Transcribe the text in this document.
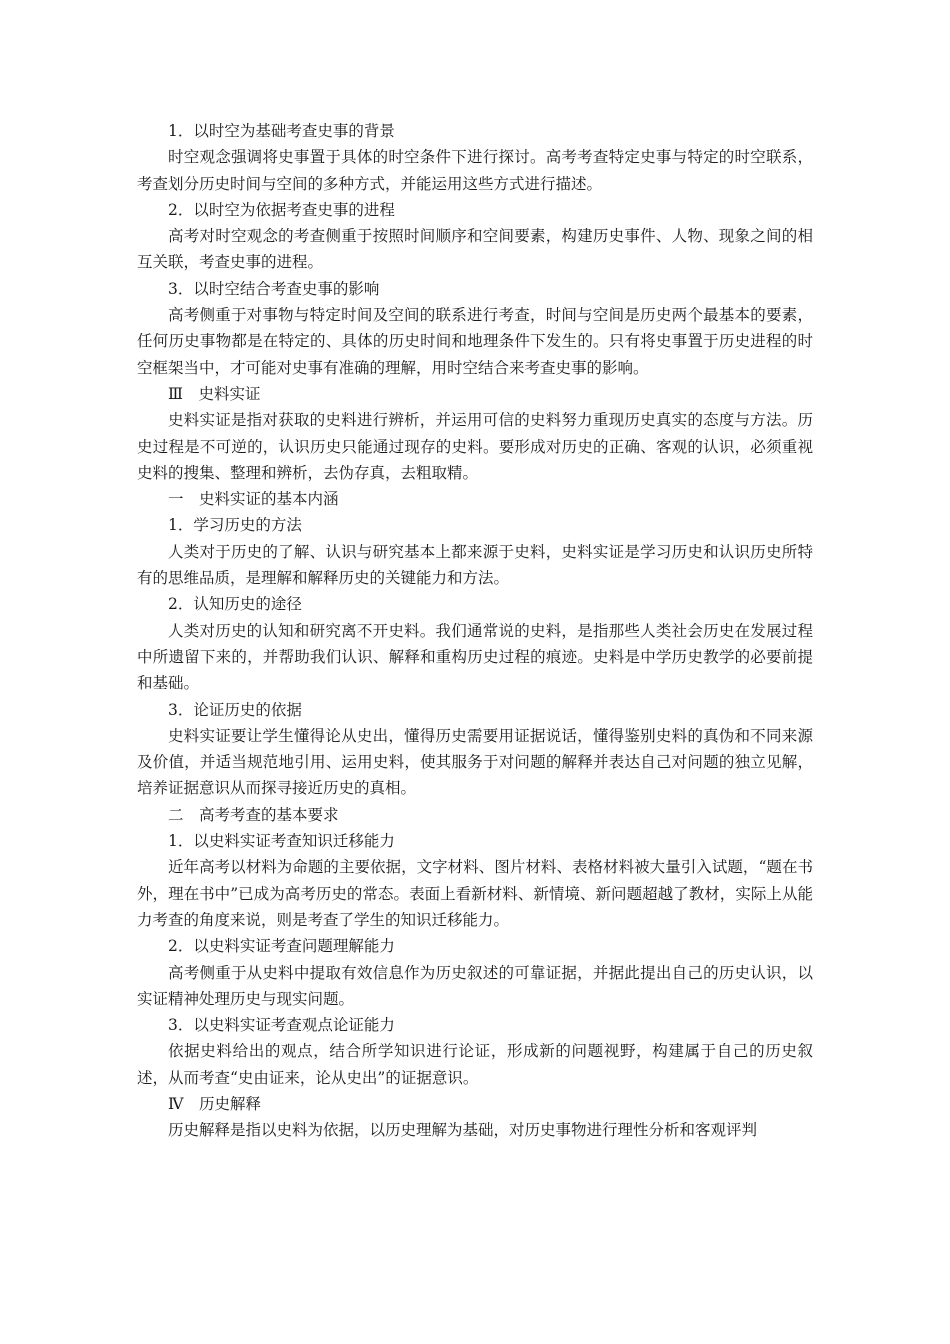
1．以时空为基础考查史事的背景

时空观念强调将史事置于具体的时空条件下进行探讨。高考考查特定史事与特定的时空联系，考查划分历史时间与空间的多种方式，并能运用这些方式进行描述。

2．以时空为依据考查史事的进程

高考对时空观念的考查侧重于按照时间顺序和空间要素，构建历史事件、人物、现象之间的相互关联，考查史事的进程。

3．以时空结合考查史事的影响

高考侧重于对事物与特定时间及空间的联系进行考查，时间与空间是历史两个最基本的要素，任何历史事物都是在特定的、具体的历史时间和地理条件下发生的。只有将史事置于历史进程的时空框架当中，才可能对史事有准确的理解，用时空结合来考查史事的影响。

Ⅲ　史料实证

史料实证是指对获取的史料进行辨析，并运用可信的史料努力重现历史真实的态度与方法。历史过程是不可逆的，认识历史只能通过现存的史料。要形成对历史的正确、客观的认识，必须重视史料的搜集、整理和辨析，去伪存真，去粗取精。

一　史料实证的基本内涵

1．学习历史的方法

人类对于历史的了解、认识与研究基本上都来源于史料，史料实证是学习历史和认识历史所特有的思维品质，是理解和解释历史的关键能力和方法。

2．认知历史的途径

人类对历史的认知和研究离不开史料。我们通常说的史料，是指那些人类社会历史在发展过程中所遗留下来的，并帮助我们认识、解释和重构历史过程的痕迹。史料是中学历史教学的必要前提和基础。

3．论证历史的依据

史料实证要让学生懂得论从史出，懂得历史需要用证据说话，懂得鉴别史料的真伪和不同来源及价值，并适当规范地引用、运用史料，使其服务于对问题的解释并表达自己对问题的独立见解，培养证据意识从而探寻接近历史的真相。

二　高考考查的基本要求

1．以史料实证考查知识迁移能力

近年高考以材料为命题的主要依据，文字材料、图片材料、表格材料被大量引入试题，“题在书外，理在书中”已成为高考历史的常态。表面上看新材料、新情境、新问题超越了教材，实际上从能力考查的角度来说，则是考查了学生的知识迁移能力。

2．以史料实证考查问题理解能力

高考侧重于从史料中提取有效信息作为历史叙述的可靠证据，并据此提出自己的历史认识，以实证精神处理历史与现实问题。

3．以史料实证考查观点论证能力

依据史料给出的观点，结合所学知识进行论证，形成新的问题视野，构建属于自己的历史叙述，从而考查“史由证来，论从史出”的证据意识。

Ⅳ　历史解释

历史解释是指以史料为依据，以历史理解为基础，对历史事物进行理性分析和客观评判
